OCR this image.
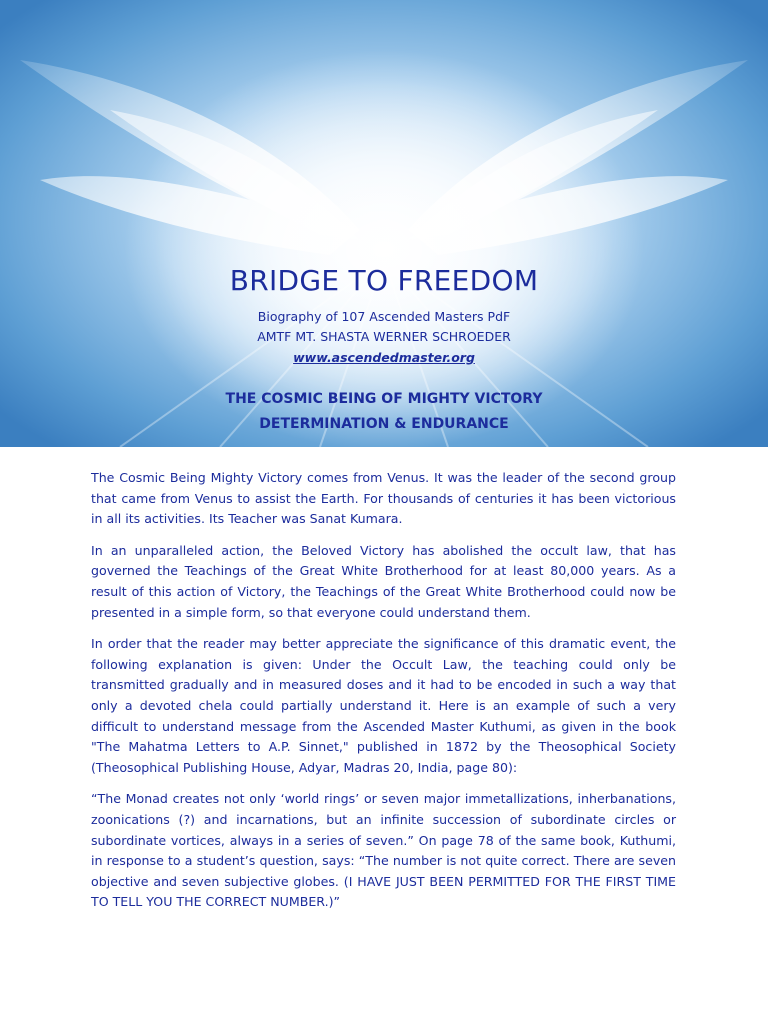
BRIDGE TO FREEDOM
Biography of 107 Ascended Masters PdF
AMTF MT. SHASTA WERNER SCHROEDER
www.ascendedmaster.org
THE COSMIC BEING OF MIGHTY VICTORY
DETERMINATION & ENDURANCE

The Cosmic Being Mighty Victory comes from Venus. It was the leader of the second group that came from Venus to assist the Earth. For thousands of centuries it has been victorious in all its activities. Its Teacher was Sanat Kumara.

In an unparalleled action, the Beloved Victory has abolished the occult law, that has governed the Teachings of the Great White Brotherhood for at least 80,000 years. As a result of this action of Victory, the Teachings of the Great White Brotherhood could now be presented in a simple form, so that everyone could understand them.

In order that the reader may better appreciate the significance of this dramatic event, the following explanation is given: Under the Occult Law, the teaching could only be transmitted gradually and in measured doses and it had to be encoded in such a way that only a devoted chela could partially understand it. Here is an example of such a very difficult to understand message from the Ascended Master Kuthumi, as given in the book "The Mahatma Letters to A.P. Sinnet," published in 1872 by the Theosophical Society (Theosophical Publishing House, Adyar, Madras 20, India, page 80):

“The Monad creates not only ‘world rings’ or seven major immetallizations, inherbanations, zoonications (?) and incarnations, but an infinite succession of subordinate circles or subordinate vortices, always in a series of seven.” On page 78 of the same book, Kuthumi, in response to a student’s question, says: “The number is not quite correct. There are seven objective and seven subjective globes. (I HAVE JUST BEEN PERMITTED FOR THE FIRST TIME TO TELL YOU THE CORRECT NUMBER.)”
